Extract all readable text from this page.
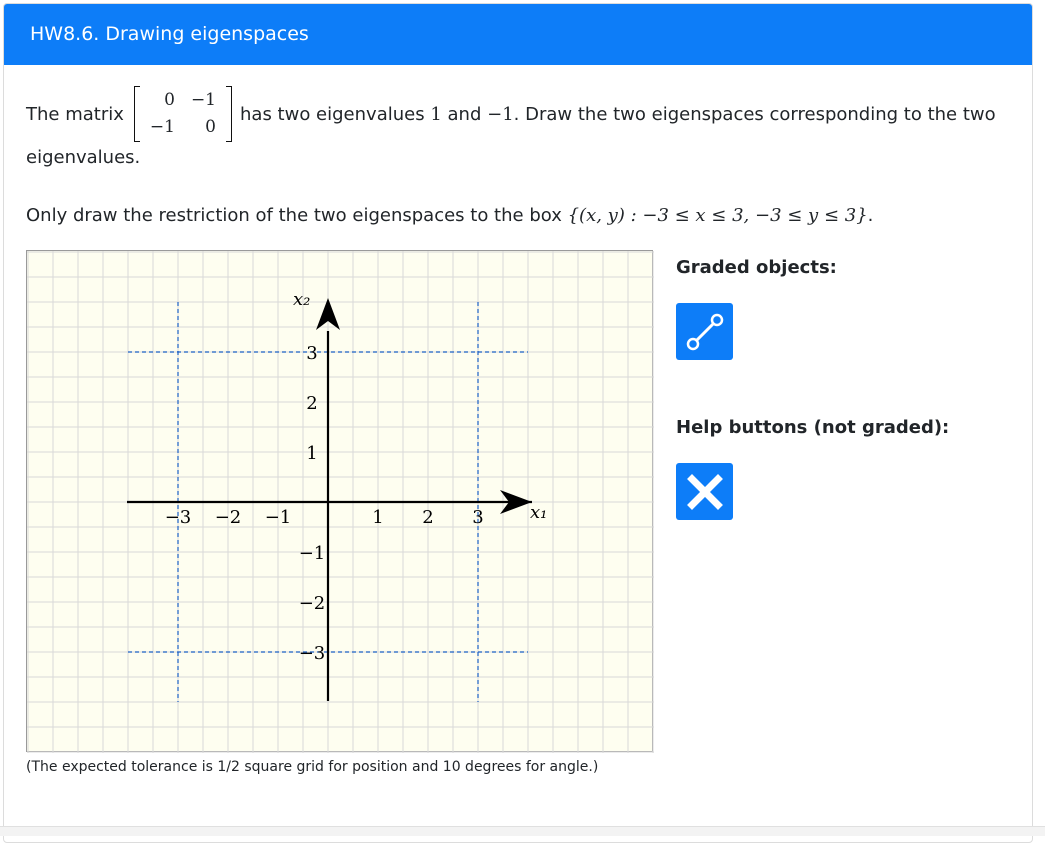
HW8.6. Drawing eigenspaces
The matrix
0	−1
−1	0
has two eigenvalues
1
and
−1 . Draw the two eigenspaces corresponding to the two
eigenvalues.
Only draw the restriction of the two eigenspaces to the box {(x, y) : −3 ≤ x ≤ 3, −3 ≤ y ≤ 3}.
x₁
x₂
−3 −2 −1	1 2 3
3
2
1
−1
−2
−3
(The expected tolerance is 1/2 square grid for position and 10 degrees for angle.)
Graded objects:
Help buttons (not graded):
